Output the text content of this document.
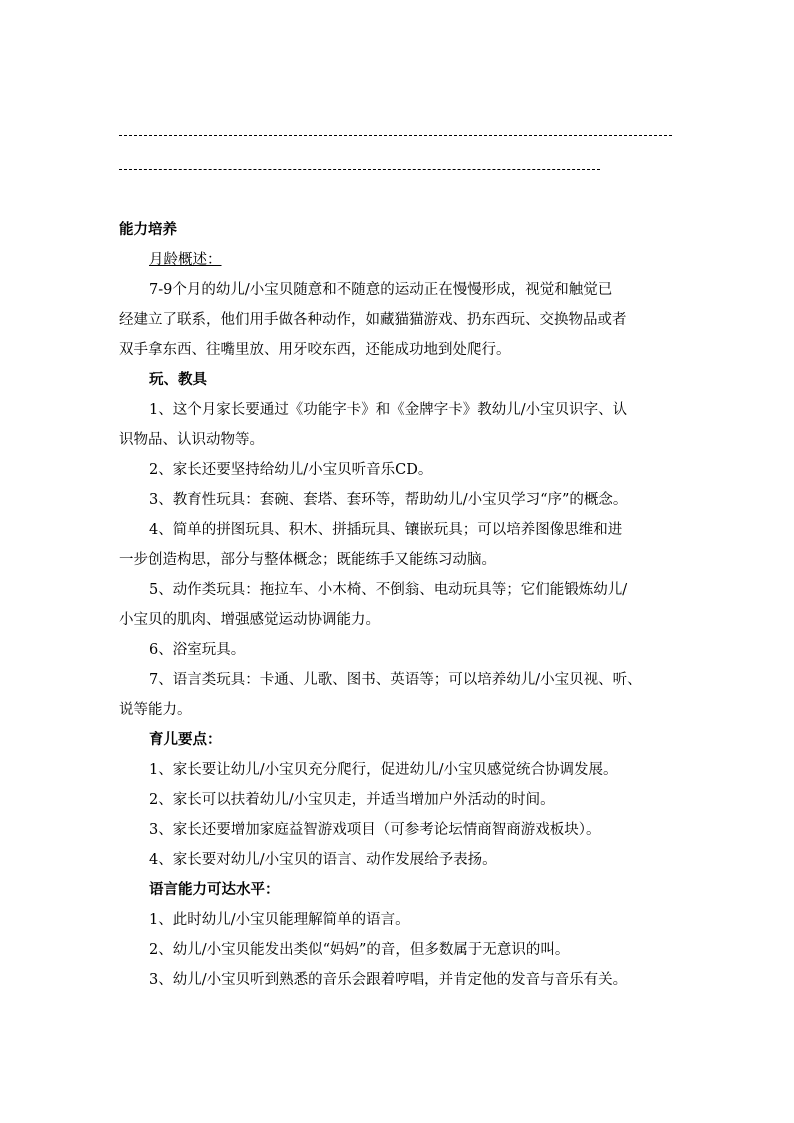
能力培养
月龄概述：
7-9个月的幼儿/小宝贝随意和不随意的运动正在慢慢形成，视觉和触觉已
经建立了联系，他们用手做各种动作，如藏猫猫游戏、扔东西玩、交换物品或者
双手拿东西、往嘴里放、用牙咬东西，还能成功地到处爬行。
玩、教具
1、这个月家长要通过《功能字卡》和《金牌字卡》教幼儿/小宝贝识字、认
识物品、认识动物等。
2、家长还要坚持给幼儿/小宝贝听音乐CD。
3、教育性玩具：套碗、套塔、套环等，帮助幼儿/小宝贝学习“序”的概念。
4、简单的拼图玩具、积木、拼插玩具、镶嵌玩具；可以培养图像思维和进
一步创造构思，部分与整体概念；既能练手又能练习动脑。
5、动作类玩具：拖拉车、小木椅、不倒翁、电动玩具等；它们能锻炼幼儿/
小宝贝的肌肉、增强感觉运动协调能力。
6、浴室玩具。
7、语言类玩具：卡通、儿歌、图书、英语等；可以培养幼儿/小宝贝视、听、
说等能力。
育儿要点：
1、家长要让幼儿/小宝贝充分爬行，促进幼儿/小宝贝感觉统合协调发展。
2、家长可以扶着幼儿/小宝贝走，并适当增加户外活动的时间。
3、家长还要增加家庭益智游戏项目（可参考论坛情商智商游戏板块）。
4、家长要对幼儿/小宝贝的语言、动作发展给予表扬。
语言能力可达水平：
1、此时幼儿/小宝贝能理解简单的语言。
2、幼儿/小宝贝能发出类似“妈妈”的音，但多数属于无意识的叫。
3、幼儿/小宝贝听到熟悉的音乐会跟着哼唱，并肯定他的发音与音乐有关。
